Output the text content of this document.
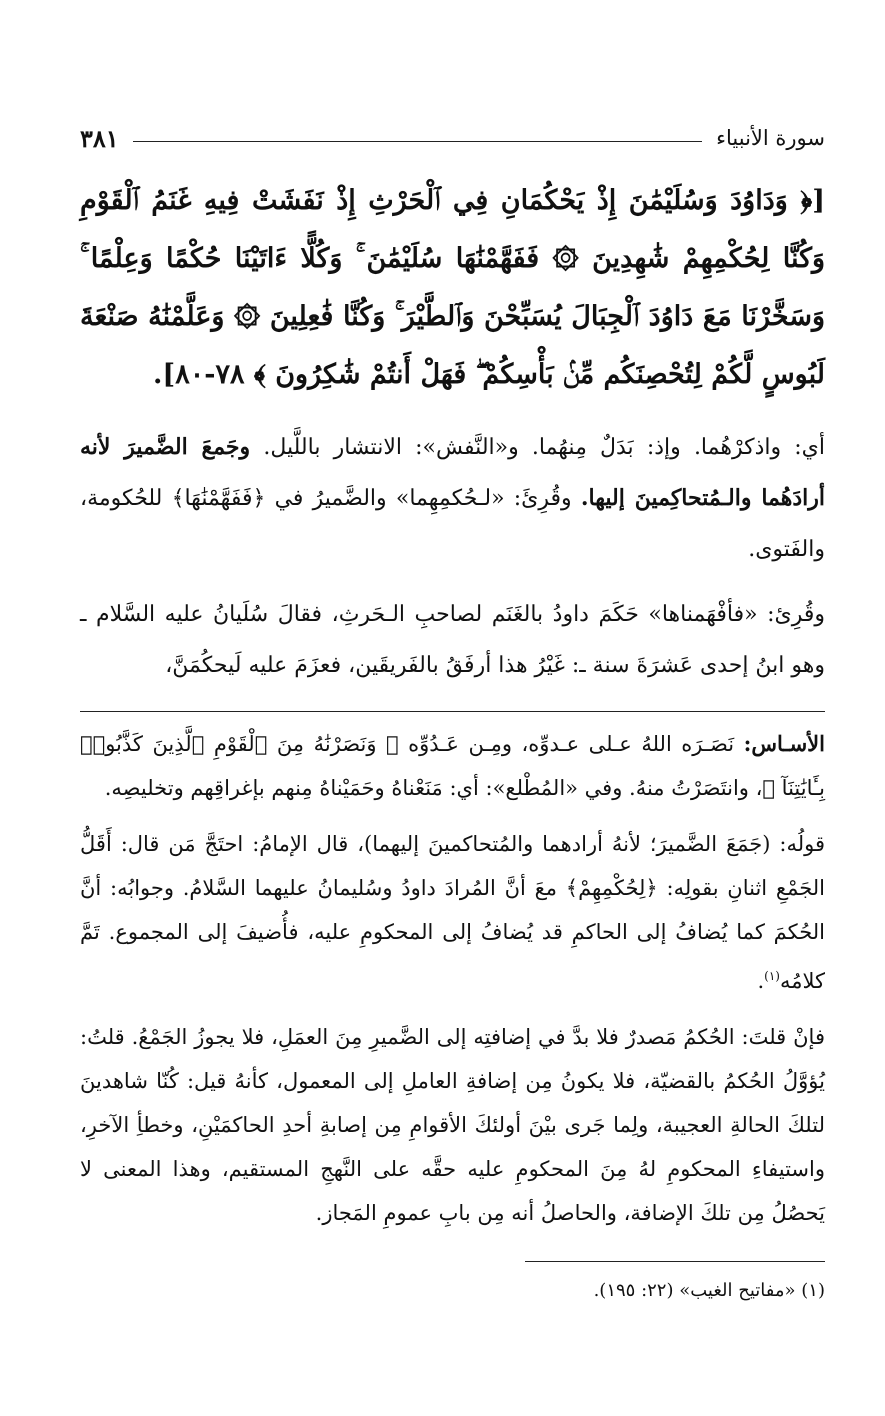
سورة الأنبياء
٣٨١
[﴿ وَدَاوُدَ وَسُلَيْمَٰنَ إِذْ يَحْكُمَانِ فِي ٱلْحَرْثِ إِذْ نَفَشَتْ فِيهِ غَنَمُ ٱلْقَوْمِ وَكُنَّا لِحُكْمِهِمْ شَٰهِدِينَ ۞ فَفَهَّمْنَٰهَا سُلَيْمَٰنَ ۚ وَكُلًّا ءَاتَيْنَا حُكْمًا وَعِلْمًا ۚ وَسَخَّرْنَا مَعَ دَاوُدَ ٱلْجِبَالَ يُسَبِّحْنَ وَٱلطَّيْرَ ۚ وَكُنَّا فَٰعِلِينَ ۞ وَعَلَّمْنَٰهُ صَنْعَةَ لَبُوسٍ لَّكُمْ لِتُحْصِنَكُم مِّنۢ بَأْسِكُمْ ۖ فَهَلْ أَنتُمْ شَٰكِرُونَ ﴾ ٧٨-٨٠].

أي: واذكرْهُما. وإذ: بَدَلٌ مِنهُما. و«النَّفش»: الانتشار باللَّيل. وجَمعَ الضَّميرَ لأنه أرادَهُما والـمُتحاكِمينَ إليها. وقُرِئَ: «لـحُكمِهِما» والضَّميرُ في ﴿فَفَهَّمْنَٰهَا﴾ للحُكومة، والفَتوى.

وقُرِئ: «فأفْهَمناها» حَكَمَ داودُ بالغَنَم لصاحبِ الـحَرثِ، فقالَ سُلَيانُ عليه السَّلام ـ وهو ابنُ إحدى عَشرَةَ سنة ـ: غَيْرُ هذا أرفَقُ بالفَريقَين، فعزَمَ عليه لَيحكُمَنَّ،

الأسـاس: نَصَـرَه اللهُ عـلى عـدوِّه، ومِـن عَـدُوِّه ﴿ وَنَصَرْنَٰهُ مِنَ ٱلْقَوْمِ ٱلَّذِينَ كَذَّبُوا۟ بِـَٔايَٰتِنَآ ﴾، وانتَصَرْتُ منهُ. وفي «المُطْلع»: أي: مَنَعْناهُ وحَمَيْناهُ مِنهم بإغراقِهم وتخليصِه.

قولُه: (جَمَعَ الضَّميرَ؛ لأنهُ أرادهما والمُتحاكمينَ إليهما)، قال الإمامُ: احتَجَّ مَن قال: أَقَلُّ الجَمْعِ اثنانِ بقولِه: ﴿لِحُكْمِهِمْ﴾ معَ أنَّ المُرادَ داودُ وسُليمانُ عليهما السَّلامُ. وجوابُه: أنَّ الحُكمَ كما يُضافُ إلى الحاكمِ قد يُضافُ إلى المحكومِ عليه، فأُضيفَ إلى المجموع. تَمَّ كلامُه$^{(١)}$.

فإنْ قلتَ: الحُكمُ مَصدرٌ فلا بدَّ في إضافتِه إلى الضَّميرِ مِنَ العمَلِ، فلا يجوزُ الجَمْعُ. قلتُ: يُؤوَّلُ الحُكمُ بالقضيّة، فلا يكونُ مِن إضافةِ العاملِ إلى المعمول، كأنهُ قيل: كُنّا شاهدينَ لتلكَ الحالةِ العجيبة، ولِما جَرى بيْنَ أولئكَ الأقوامِ مِن إصابةِ أحدِ الحاكمَيْنِ، وخطأِ الآخرِ، واستيفاءِ المحكومِ لهُ مِنَ المحكومِ عليه حقَّه على النَّهجِ المستقيم، وهذا المعنى لا يَحصُلُ مِن تلكَ الإضافة، والحاصلُ أنه مِن بابِ عمومِ المَجاز.

(١) «مفاتيح الغيب» (٢٢: ١٩٥).
